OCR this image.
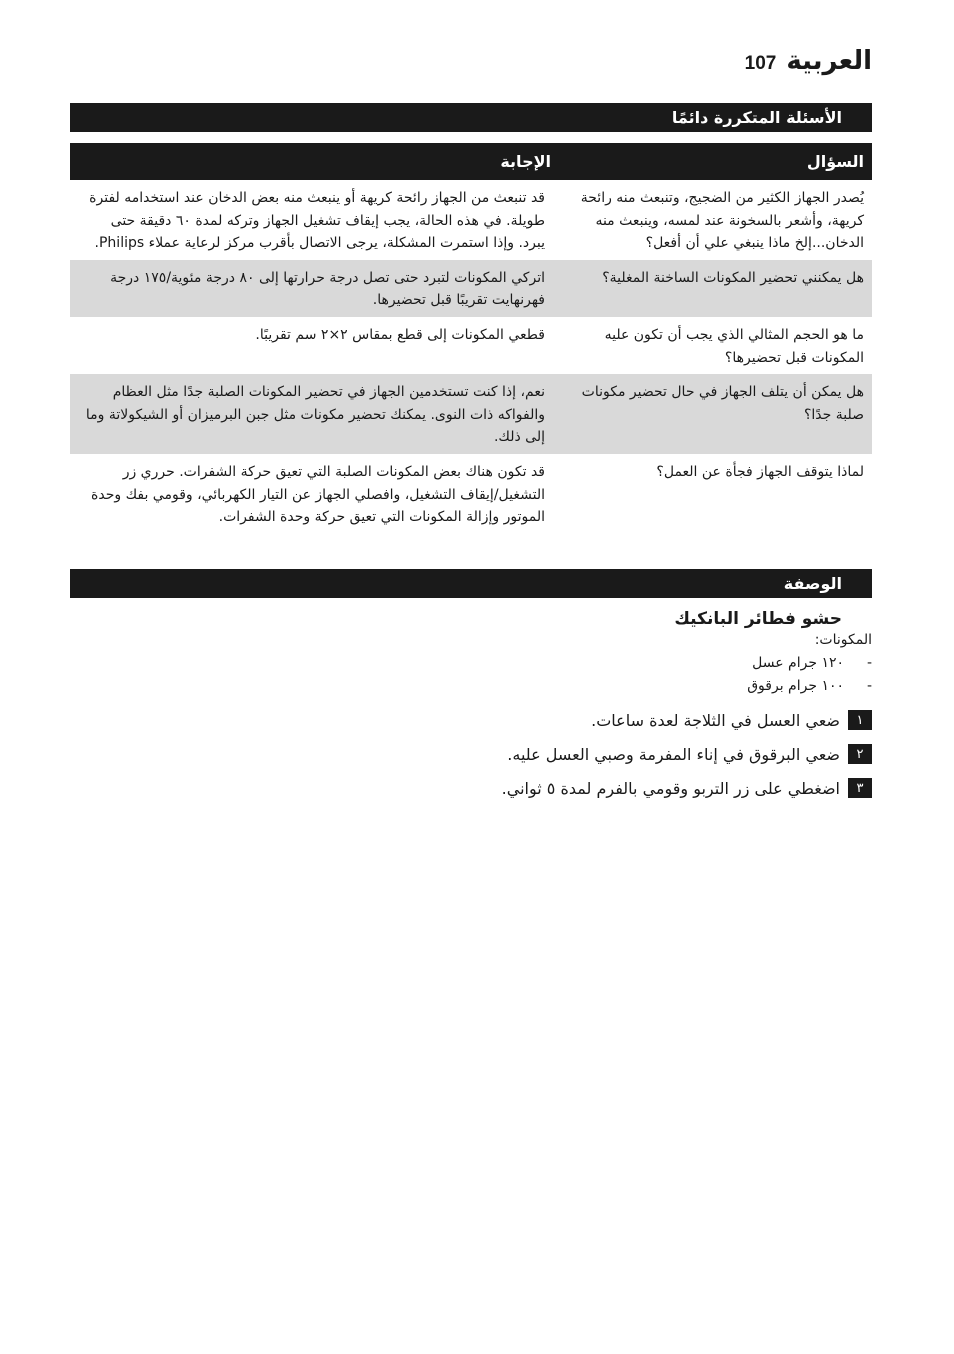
العربية
107
الأسئلة المتكررة دائمًا
السؤال	الإجابة
يُصدر الجهاز الكثير من الضجيج، وتنبعث منه رائحة كريهة، وأشعر بالسخونة عند لمسه، وينبعث منه الدخان...إلخ ماذا ينبغي علي أن أفعل؟	قد تنبعث من الجهاز رائحة كريهة أو ينبعث منه بعض الدخان عند استخدامه لفترة طويلة. في هذه الحالة، يجب إيقاف تشغيل الجهاز وتركه لمدة ٦٠ دقيقة حتى يبرد. وإذا استمرت المشكلة، يرجى الاتصال بأقرب مركز لرعاية عملاء Philips.
هل يمكنني تحضير المكونات الساخنة المغلية؟	اتركي المكونات لتبرد حتى تصل درجة حرارتها إلى ٨٠ درجة مئوية/١٧٥ درجة فهرنهايت تقريبًا قبل تحضيرها.
ما هو الحجم المثالي الذي يجب أن تكون عليه المكونات قبل تحضيرها؟	قطعي المكونات إلى قطع بمقاس ٢×٢ سم تقريبًا.
هل يمكن أن يتلف الجهاز في حال تحضير مكونات صلبة جدًا؟	نعم، إذا كنت تستخدمين الجهاز في تحضير المكونات الصلبة جدًا مثل العظام والفواكه ذات النوى. يمكنك تحضير مكونات مثل جبن البرميزان أو الشيكولاتة وما إلى ذلك.
لماذا يتوقف الجهاز فجأة عن العمل؟	قد تكون هناك بعض المكونات الصلبة التي تعيق حركة الشفرات. حرري زر التشغيل/إيقاف التشغيل، وافصلي الجهاز عن التيار الكهربائي، وقومي بفك وحدة الموتور وإزالة المكونات التي تعيق حركة وحدة الشفرات.
الوصفة
حشو فطائر البانكيك
المكونات:
-
١٢٠ جرام عسل
-
١٠٠ جرام برقوق
١
ضعي العسل في الثلاجة لعدة ساعات.
٢
ضعي البرقوق في إناء المفرمة وصبي العسل عليه.
٣
اضغطي على زر التربو وقومي بالفرم لمدة ٥ ثواني.
